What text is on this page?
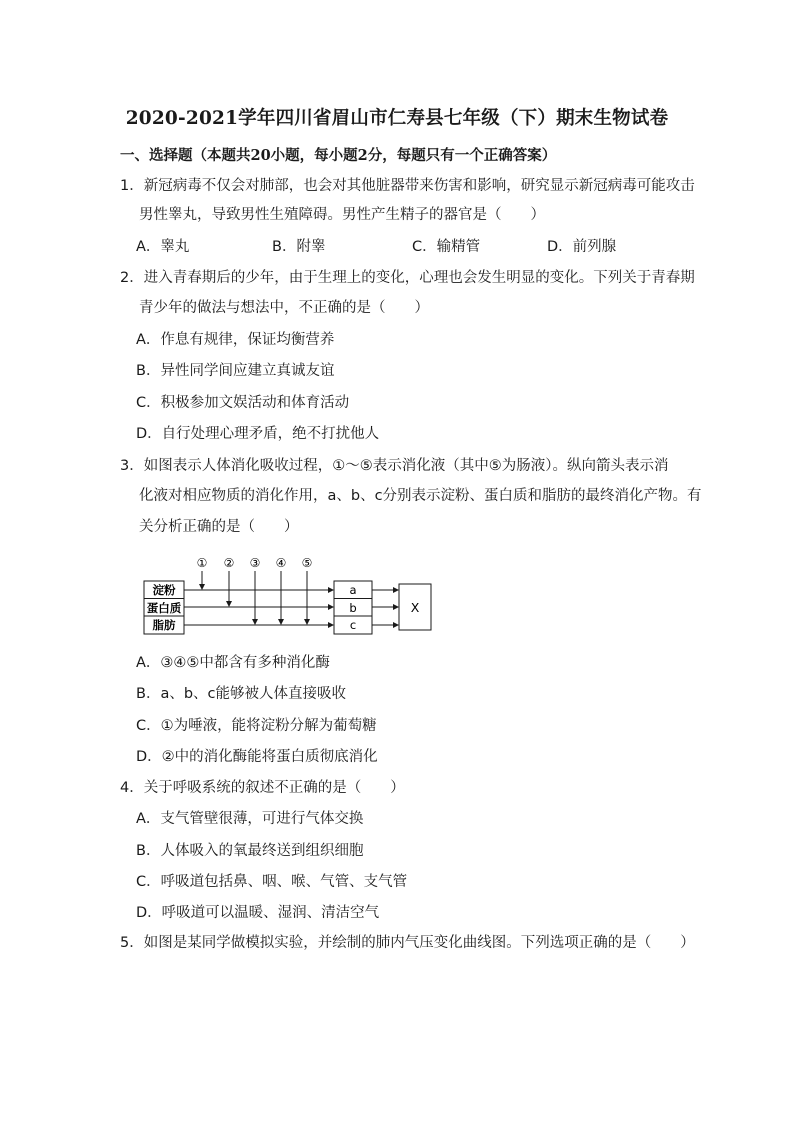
2020-2021学年四川省眉山市仁寿县七年级（下）期末生物试卷
一、选择题（本题共20小题，每小题2分，每题只有一个正确答案）
1．新冠病毒不仅会对肺部，也会对其他脏器带来伤害和影响，研究显示新冠病毒可能攻击
男性睾丸，导致男性生殖障碍。男性产生精子的器官是（　　）
A．睾丸	B．附睾	C．输精管	D．前列腺
2．进入青春期后的少年，由于生理上的变化，心理也会发生明显的变化。下列关于青春期
青少年的做法与想法中，不正确的是（　　）
A．作息有规律，保证均衡营养
B．异性同学间应建立真诚友谊
C．积极参加文娱活动和体育活动
D．自行处理心理矛盾，绝不打扰他人
3．如图表示人体消化吸收过程，①～⑤表示消化液（其中⑤为肠液）。纵向箭头表示消
化液对相应物质的消化作用，a、b、c分别表示淀粉、蛋白质和脂肪的最终消化产物。有
关分析正确的是（　　）
① ② ③ ④ ⑤
淀粉
蛋白质
脂肪
a
b
c
X
A．③④⑤中都含有多种消化酶
B．a、b、c能够被人体直接吸收
C．①为唾液，能将淀粉分解为葡萄糖
D．②中的消化酶能将蛋白质彻底消化
4．关于呼吸系统的叙述不正确的是（　　）
A．支气管壁很薄，可进行气体交换
B．人体吸入的氧最终送到组织细胞
C．呼吸道包括鼻、咽、喉、气管、支气管
D．呼吸道可以温暖、湿润、清洁空气
5．如图是某同学做模拟实验，并绘制的肺内气压变化曲线图。下列选项正确的是（　　）
